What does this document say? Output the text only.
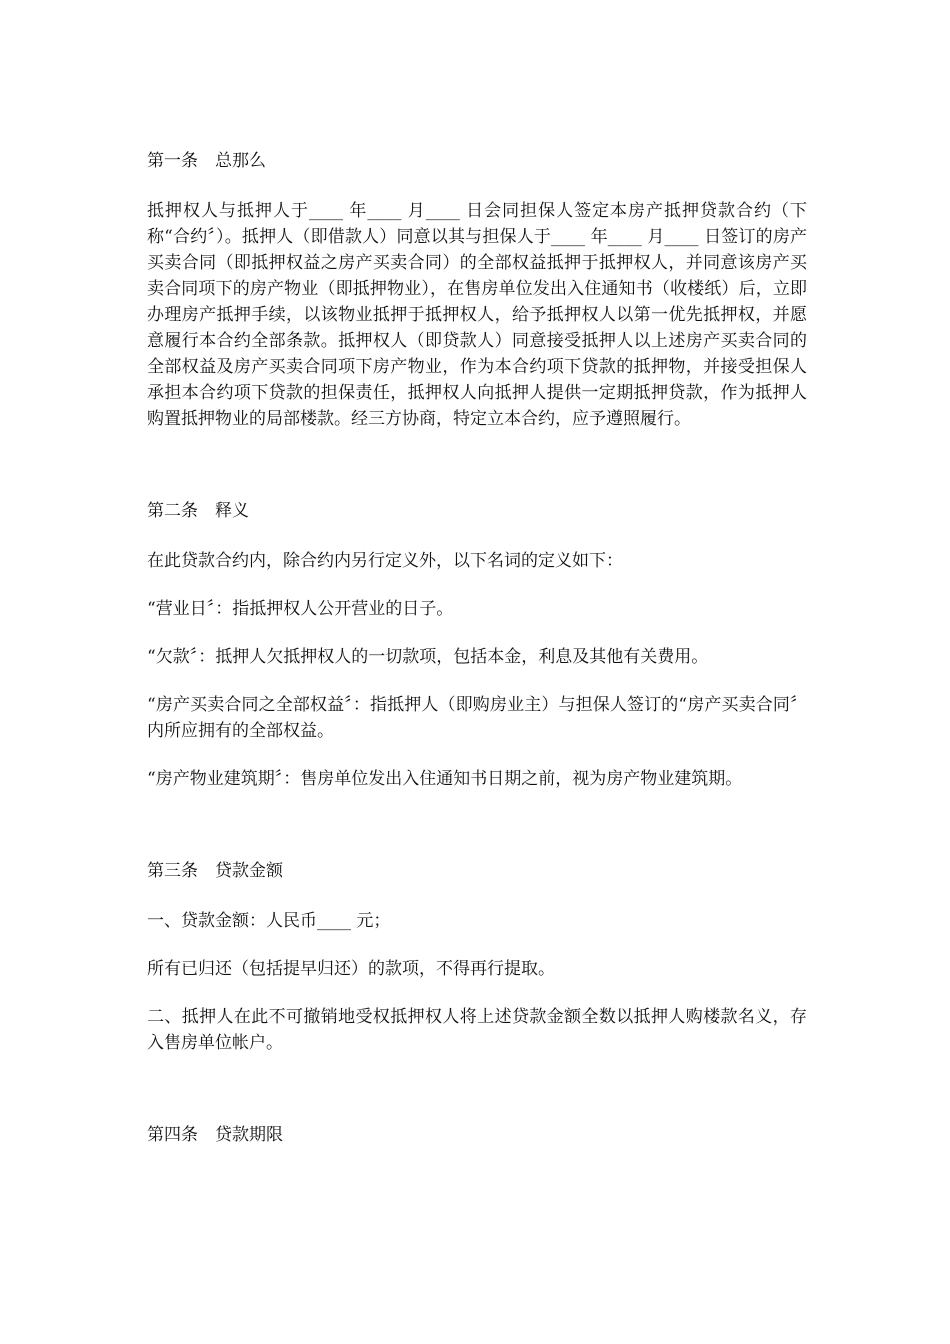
第一条　总那么

抵押权人与抵押人于____ 年____ 月____ 日会同担保人签定本房产抵押贷款合约（下称“合约〞）。抵押人（即借款人）同意以其与担保人于____ 年____ 月____ 日签订的房产买卖合同（即抵押权益之房产买卖合同）的全部权益抵押于抵押权人，并同意该房产买卖合同项下的房产物业（即抵押物业），在售房单位发出入住通知书（收楼纸）后，立即办理房产抵押手续，以该物业抵押于抵押权人，给予抵押权人以第一优先抵押权，并愿意履行本合约全部条款。抵押权人（即贷款人）同意接受抵押人以上述房产买卖合同的全部权益及房产买卖合同项下房产物业，作为本合约项下贷款的抵押物，并接受担保人承担本合约项下贷款的担保责任，抵押权人向抵押人提供一定期抵押贷款，作为抵押人购置抵押物业的局部楼款。经三方协商，特定立本合约，应予遵照履行。

第二条　释义

在此贷款合约内，除合约内另行定义外，以下名词的定义如下：

“营业日〞：指抵押权人公开营业的日子。

“欠款〞：抵押人欠抵押权人的一切款项，包括本金，利息及其他有关费用。

“房产买卖合同之全部权益〞：指抵押人（即购房业主）与担保人签订的“房产买卖合同〞内所应拥有的全部权益。

“房产物业建筑期〞：售房单位发出入住通知书日期之前，视为房产物业建筑期。

第三条　贷款金额

一、贷款金额：人民币____ 元；

所有已归还（包括提早归还）的款项，不得再行提取。

二、抵押人在此不可撤销地受权抵押权人将上述贷款金额全数以抵押人购楼款名义，存入售房单位帐户。

第四条　贷款期限
